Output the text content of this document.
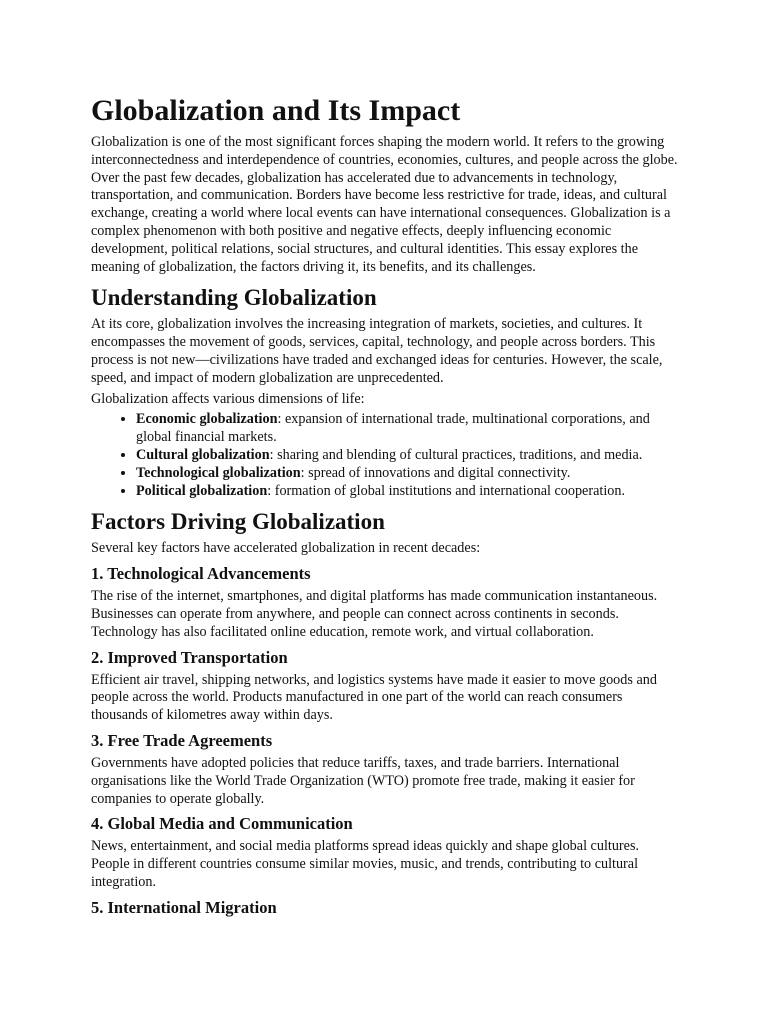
Globalization and Its Impact

Globalization is one of the most significant forces shaping the modern world. It refers to the growing interconnectedness and interdependence of countries, economies, cultures, and people across the globe. Over the past few decades, globalization has accelerated due to advancements in technology, transportation, and communication. Borders have become less restrictive for trade, ideas, and cultural exchange, creating a world where local events can have international consequences. Globalization is a complex phenomenon with both positive and negative effects, deeply influencing economic development, political relations, social structures, and cultural identities. This essay explores the meaning of globalization, the factors driving it, its benefits, and its challenges.

Understanding Globalization

At its core, globalization involves the increasing integration of markets, societies, and cultures. It encompasses the movement of goods, services, capital, technology, and people across borders. This process is not new—civilizations have traded and exchanged ideas for centuries. However, the scale, speed, and impact of modern globalization are unprecedented.

Globalization affects various dimensions of life:

• Economic globalization: expansion of international trade, multinational corporations, and global financial markets.
• Cultural globalization: sharing and blending of cultural practices, traditions, and media.
• Technological globalization: spread of innovations and digital connectivity.
• Political globalization: formation of global institutions and international cooperation.
Factors Driving Globalization

Several key factors have accelerated globalization in recent decades:

1. Technological Advancements

The rise of the internet, smartphones, and digital platforms has made communication instantaneous. Businesses can operate from anywhere, and people can connect across continents in seconds. Technology has also facilitated online education, remote work, and virtual collaboration.

2. Improved Transportation

Efficient air travel, shipping networks, and logistics systems have made it easier to move goods and people across the world. Products manufactured in one part of the world can reach consumers thousands of kilometres away within days.

3. Free Trade Agreements

Governments have adopted policies that reduce tariffs, taxes, and trade barriers. International organisations like the World Trade Organization (WTO) promote free trade, making it easier for companies to operate globally.

4. Global Media and Communication

News, entertainment, and social media platforms spread ideas quickly and shape global cultures. People in different countries consume similar movies, music, and trends, contributing to cultural integration.

5. International Migration
